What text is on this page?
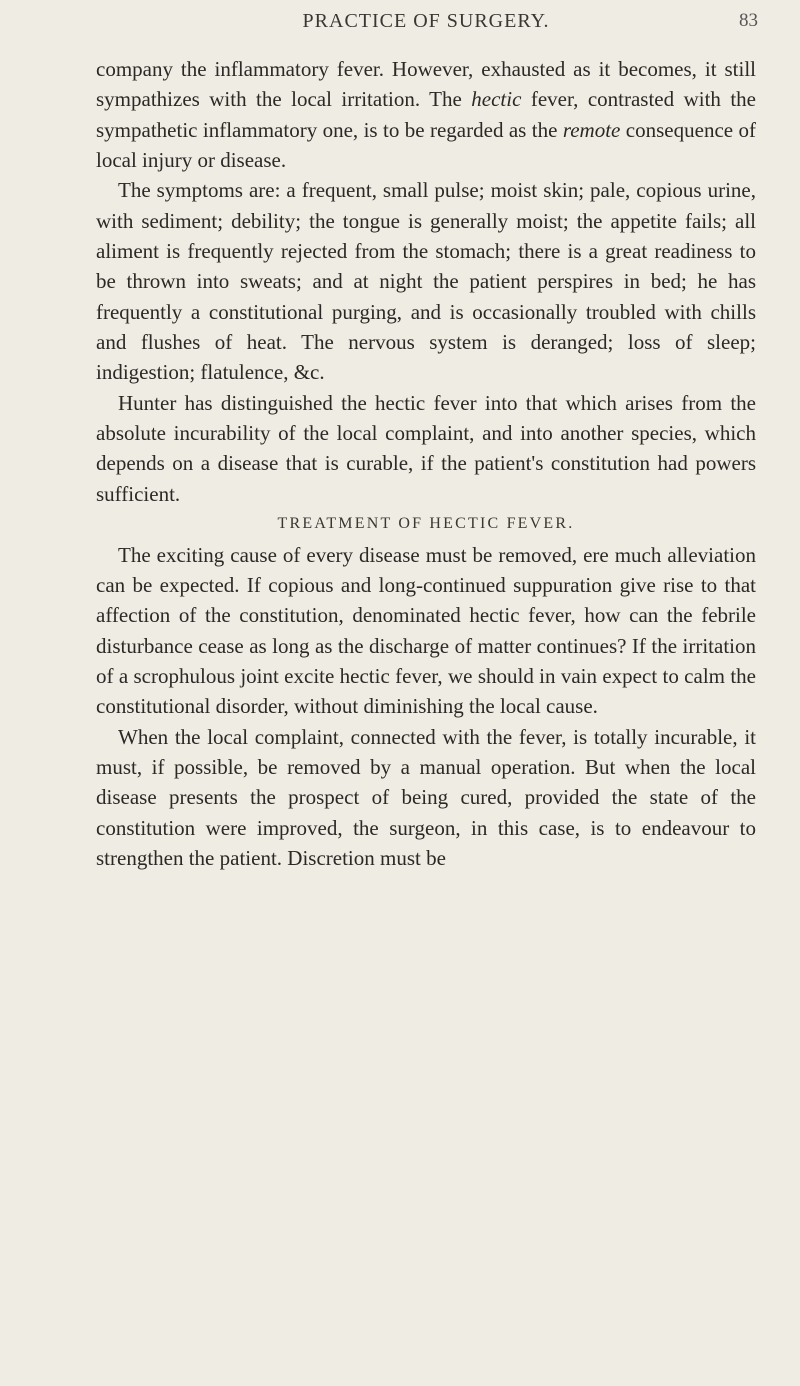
PRACTICE OF SURGERY.	83

company the inflammatory fever. However, exhausted as it becomes, it still sympathizes with the local irritation. The hectic fever, contrasted with the sympathetic inflammatory one, is to be regarded as the remote consequence of local injury or disease.

The symptoms are: a frequent, small pulse; moist skin; pale, copious urine, with sediment; debility; the tongue is generally moist; the appetite fails; all aliment is frequently rejected from the stomach; there is a great readiness to be thrown into sweats; and at night the patient perspires in bed; he has frequently a constitutional purging, and is occasionally troubled with chills and flushes of heat. The nervous system is deranged; loss of sleep; indigestion; flatulence, &c.

Hunter has distinguished the hectic fever into that which arises from the absolute incurability of the local complaint, and into another species, which depends on a disease that is curable, if the patient's constitution had powers sufficient.

TREATMENT OF HECTIC FEVER.

The exciting cause of every disease must be removed, ere much alleviation can be expected. If copious and long-continued suppuration give rise to that affection of the constitution, denominated hectic fever, how can the febrile disturbance cease as long as the discharge of matter continues? If the irritation of a scrophulous joint excite hectic fever, we should in vain expect to calm the constitutional disorder, without diminishing the local cause.

When the local complaint, connected with the fever, is totally incurable, it must, if possible, be removed by a manual operation. But when the local disease presents the prospect of being cured, provided the state of the constitution were improved, the surgeon, in this case, is to endeavour to strengthen the patient. Discretion must be
